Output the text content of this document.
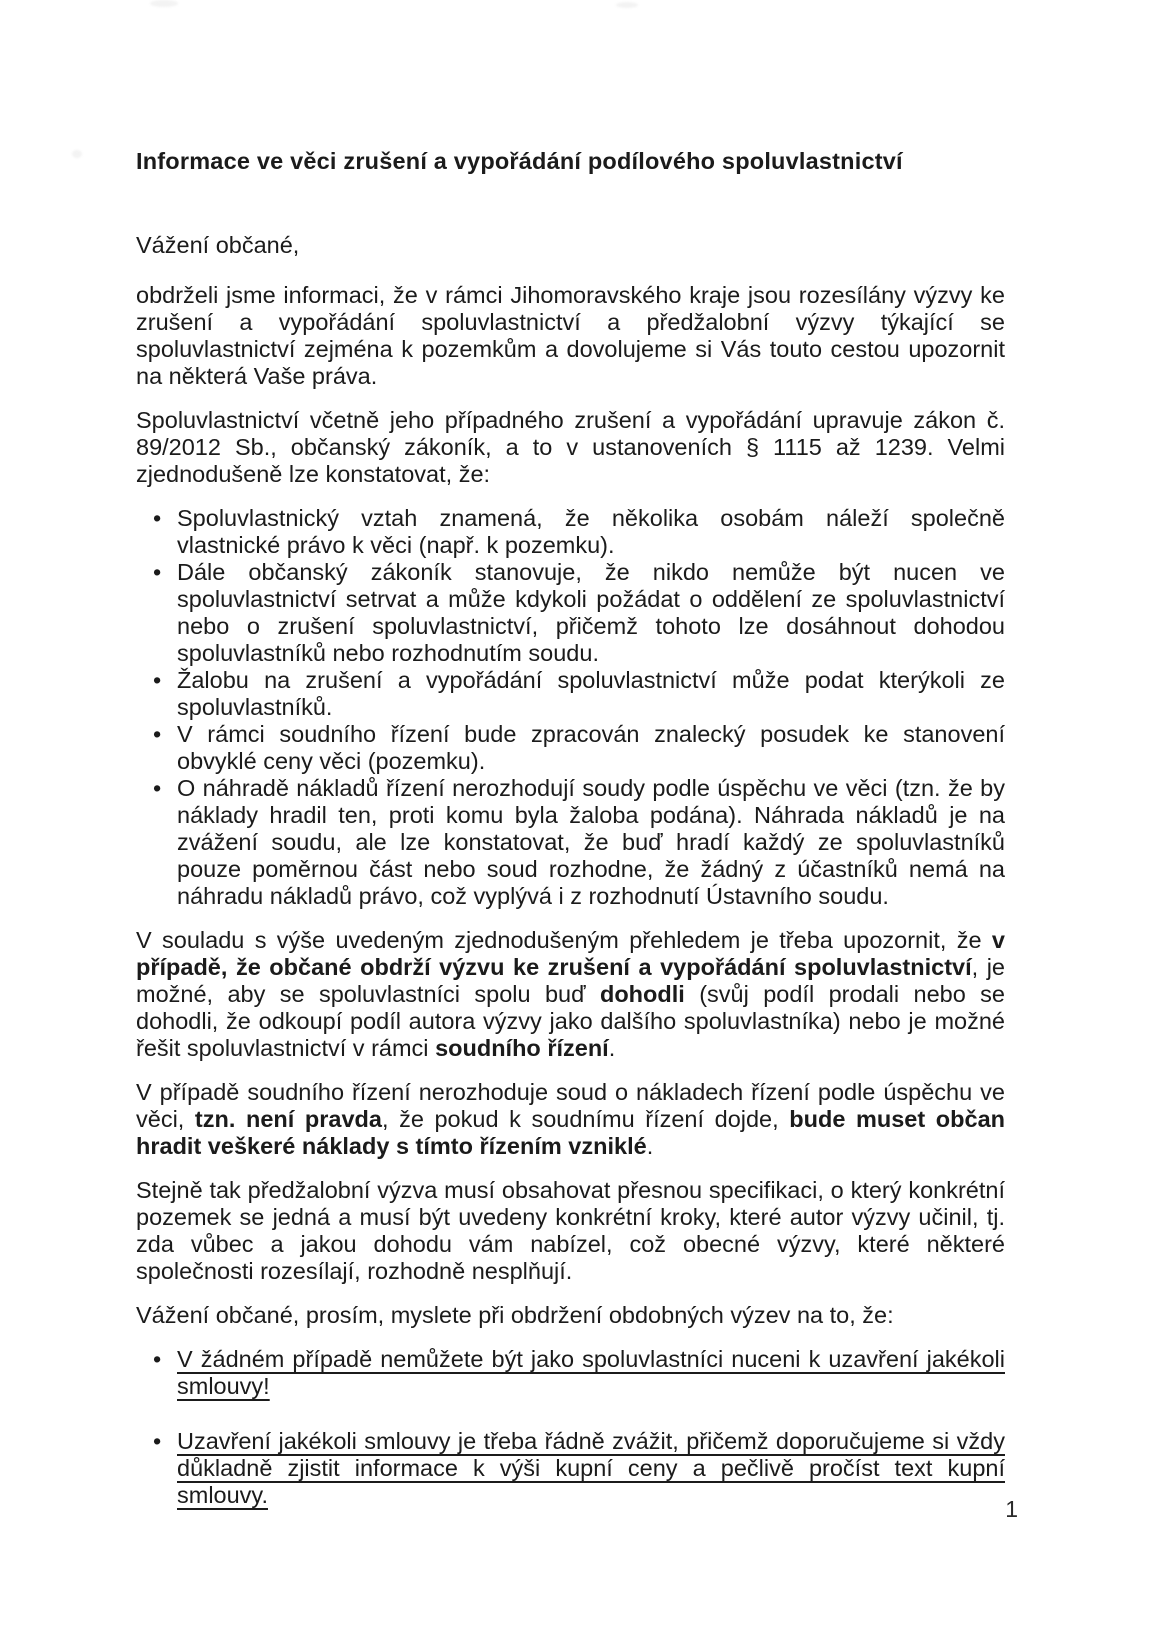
Informace ve věci zrušení a vypořádání podílového spoluvlastnictví

Vážení občané,

obdrželi jsme informaci, že v rámci Jihomoravského kraje jsou rozesílány výzvy ke zrušení a vypořádání spoluvlastnictví a předžalobní výzvy týkající se spoluvlastnictví zejména k pozemkům a dovolujeme si Vás touto cestou upozornit na některá Vaše práva.

Spoluvlastnictví včetně jeho případného zrušení a vypořádání upravuje zákon č. 89/2012 Sb., občanský zákoník, a to v ustanoveních § 1115 až 1239. Velmi zjednodušeně lze konstatovat, že:

• Spoluvlastnický vztah znamená, že několika osobám náleží společně vlastnické právo k věci (např. k pozemku).
• Dále občanský zákoník stanovuje, že nikdo nemůže být nucen ve spoluvlastnictví setrvat a může kdykoli požádat o oddělení ze spoluvlastnictví nebo o zrušení spoluvlastnictví, přičemž tohoto lze dosáhnout dohodou spoluvlastníků nebo rozhodnutím soudu.
• Žalobu na zrušení a vypořádání spoluvlastnictví může podat kterýkoli ze spoluvlastníků.
• V rámci soudního řízení bude zpracován znalecký posudek ke stanovení obvyklé ceny věci (pozemku).
• O náhradě nákladů řízení nerozhodují soudy podle úspěchu ve věci (tzn. že by náklady hradil ten, proti komu byla žaloba podána). Náhrada nákladů je na zvážení soudu, ale lze konstatovat, že buď hradí každý ze spoluvlastníků pouze poměrnou část nebo soud rozhodne, že žádný z účastníků nemá na náhradu nákladů právo, což vyplývá i z rozhodnutí Ústavního soudu.

V souladu s výše uvedeným zjednodušeným přehledem je třeba upozornit, že v případě, že občané obdrží výzvu ke zrušení a vypořádání spoluvlastnictví, je možné, aby se spoluvlastníci spolu buď dohodli (svůj podíl prodali nebo se dohodli, že odkoupí podíl autora výzvy jako dalšího spoluvlastníka) nebo je možné řešit spoluvlastnictví v rámci soudního řízení.

V případě soudního řízení nerozhoduje soud o nákladech řízení podle úspěchu ve věci, tzn. není pravda, že pokud k soudnímu řízení dojde, bude muset občan hradit veškeré náklady s tímto řízením vzniklé.

Stejně tak předžalobní výzva musí obsahovat přesnou specifikaci, o který konkrétní pozemek se jedná a musí být uvedeny konkrétní kroky, které autor výzvy učinil, tj. zda vůbec a jakou dohodu vám nabízel, což obecné výzvy, které některé společnosti rozesílají, rozhodně nesplňují.

Vážení občané, prosím, myslete při obdržení obdobných výzev na to, že:

• V žádném případě nemůžete být jako spoluvlastníci nuceni k uzavření jakékoli smlouvy!
• Uzavření jakékoli smlouvy je třeba řádně zvážit, přičemž doporučujeme si vždy důkladně zjistit informace k výši kupní ceny a pečlivě pročíst text kupní smlouvy.
1
